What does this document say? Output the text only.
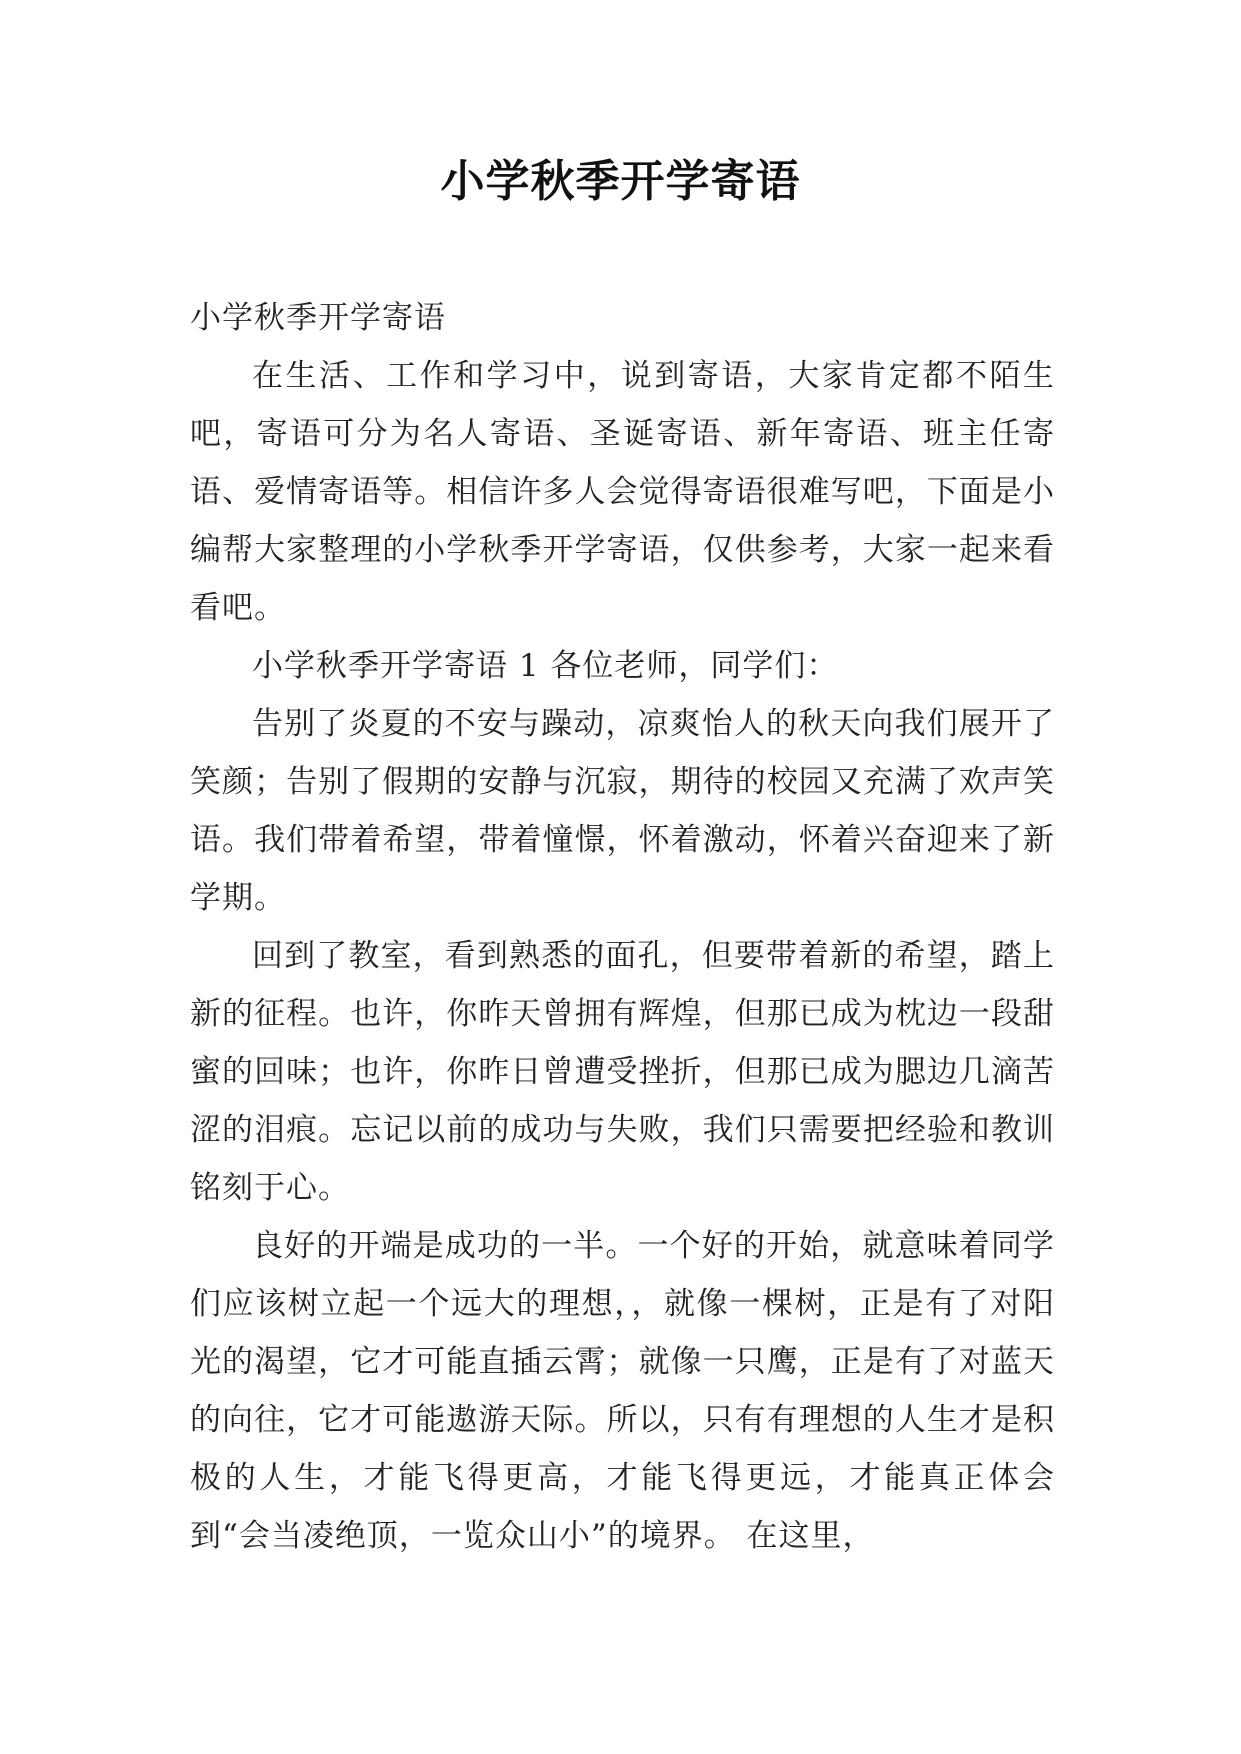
小学秋季开学寄语

小学秋季开学寄语

在生活、工作和学习中，说到寄语，大家肯定都不陌生吧，寄语可分为名人寄语、圣诞寄语、新年寄语、班主任寄语、爱情寄语等。相信许多人会觉得寄语很难写吧，下面是小编帮大家整理的小学秋季开学寄语，仅供参考，大家一起来看看吧。

小学秋季开学寄语 1 各位老师，同学们：

告别了炎夏的不安与躁动，凉爽怡人的秋天向我们展开了笑颜；告别了假期的安静与沉寂，期待的校园又充满了欢声笑语。我们带着希望，带着憧憬，怀着激动，怀着兴奋迎来了新学期。

回到了教室，看到熟悉的面孔，但要带着新的希望，踏上新的征程。也许，你昨天曾拥有辉煌，但那已成为枕边一段甜蜜的回味；也许，你昨日曾遭受挫折，但那已成为腮边几滴苦涩的泪痕。忘记以前的成功与失败，我们只需要把经验和教训铭刻于心。

良好的开端是成功的一半。一个好的开始，就意味着同学们应该树立起一个远大的理想，，就像一棵树，正是有了对阳光的渴望，它才可能直插云霄；就像一只鹰，正是有了对蓝天的向往，它才可能遨游天际。所以，只有有理想的人生才是积极的人生，才能飞得更高，才能飞得更远，才能真正体会到“会当凌绝顶，一览众山小”的境界。 在这里，
